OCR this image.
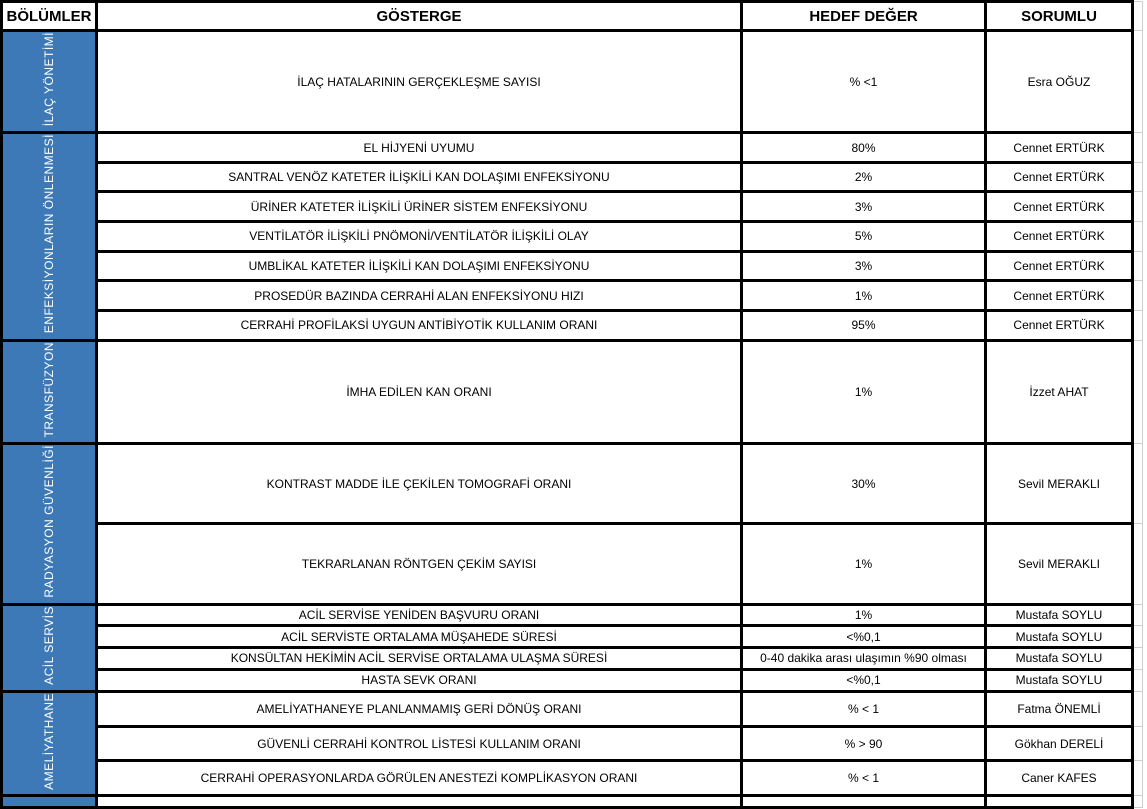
BÖLÜMLER	GÖSTERGE	HEDEF DEĞER	SORUMLU	
İLAÇ YÖNETİMİ	İLAÇ HATALARININ GERÇEKLEŞME SAYISI	% <1	Esra OĞUZ	
ENFEKSİYONLARIN ÖNLENMESİ	EL HİJYENİ UYUMU	80%	Cennet ERTÜRK	
	SANTRAL VENÖZ KATETER İLİŞKİLİ KAN DOLAŞIMI ENFEKSİYONU	2%	Cennet ERTÜRK	
	ÜRİNER KATETER İLİŞKİLİ ÜRİNER SİSTEM ENFEKSİYONU	3%	Cennet ERTÜRK	
	VENTİLATÖR İLİŞKİLİ PNÖMONİ/VENTİLATÖR İLİŞKİLİ OLAY	5%	Cennet ERTÜRK	
	UMBLİKAL KATETER İLİŞKİLİ KAN DOLAŞIMI ENFEKSİYONU	3%	Cennet ERTÜRK	
	PROSEDÜR BAZINDA CERRAHİ ALAN ENFEKSİYONU HIZI	1%	Cennet ERTÜRK	
	CERRAHİ PROFİLAKSİ UYGUN ANTİBİYOTİK KULLANIM ORANI	95%	Cennet ERTÜRK	
TRANSFÜZYON	İMHA EDİLEN KAN ORANI	1%	İzzet AHAT	
RADYASYON GÜVENLİĞİ	KONTRAST MADDE İLE ÇEKİLEN TOMOGRAFİ ORANI	30%	Sevil MERAKLI	
	TEKRARLANAN RÖNTGEN ÇEKİM SAYISI	1%	Sevil MERAKLI	
ACİL SERVİS	ACİL SERVİSE YENİDEN BAŞVURU ORANI	1%	Mustafa SOYLU	
	ACİL SERVİSTE ORTALAMA MÜŞAHEDE SÜRESİ	<%0,1	Mustafa SOYLU	
	KONSÜLTAN HEKİMİN ACİL SERVİSE ORTALAMA ULAŞMA SÜRESİ	0-40 dakika arası ulaşımın %90 olması	Mustafa SOYLU	
	HASTA SEVK ORANI	<%0,1	Mustafa SOYLU	
AMELİYATHANE	AMELİYATHANEYE PLANLANMAMIŞ GERİ DÖNÜŞ ORANI	% < 1	Fatma ÖNEMLİ	
	GÜVENLİ CERRAHİ KONTROL LİSTESİ KULLANIM ORANI	% > 90	Gökhan DERELİ	
	CERRAHİ OPERASYONLARDA GÖRÜLEN ANESTEZİ KOMPLİKASYON ORANI	% < 1	Caner KAFES	
